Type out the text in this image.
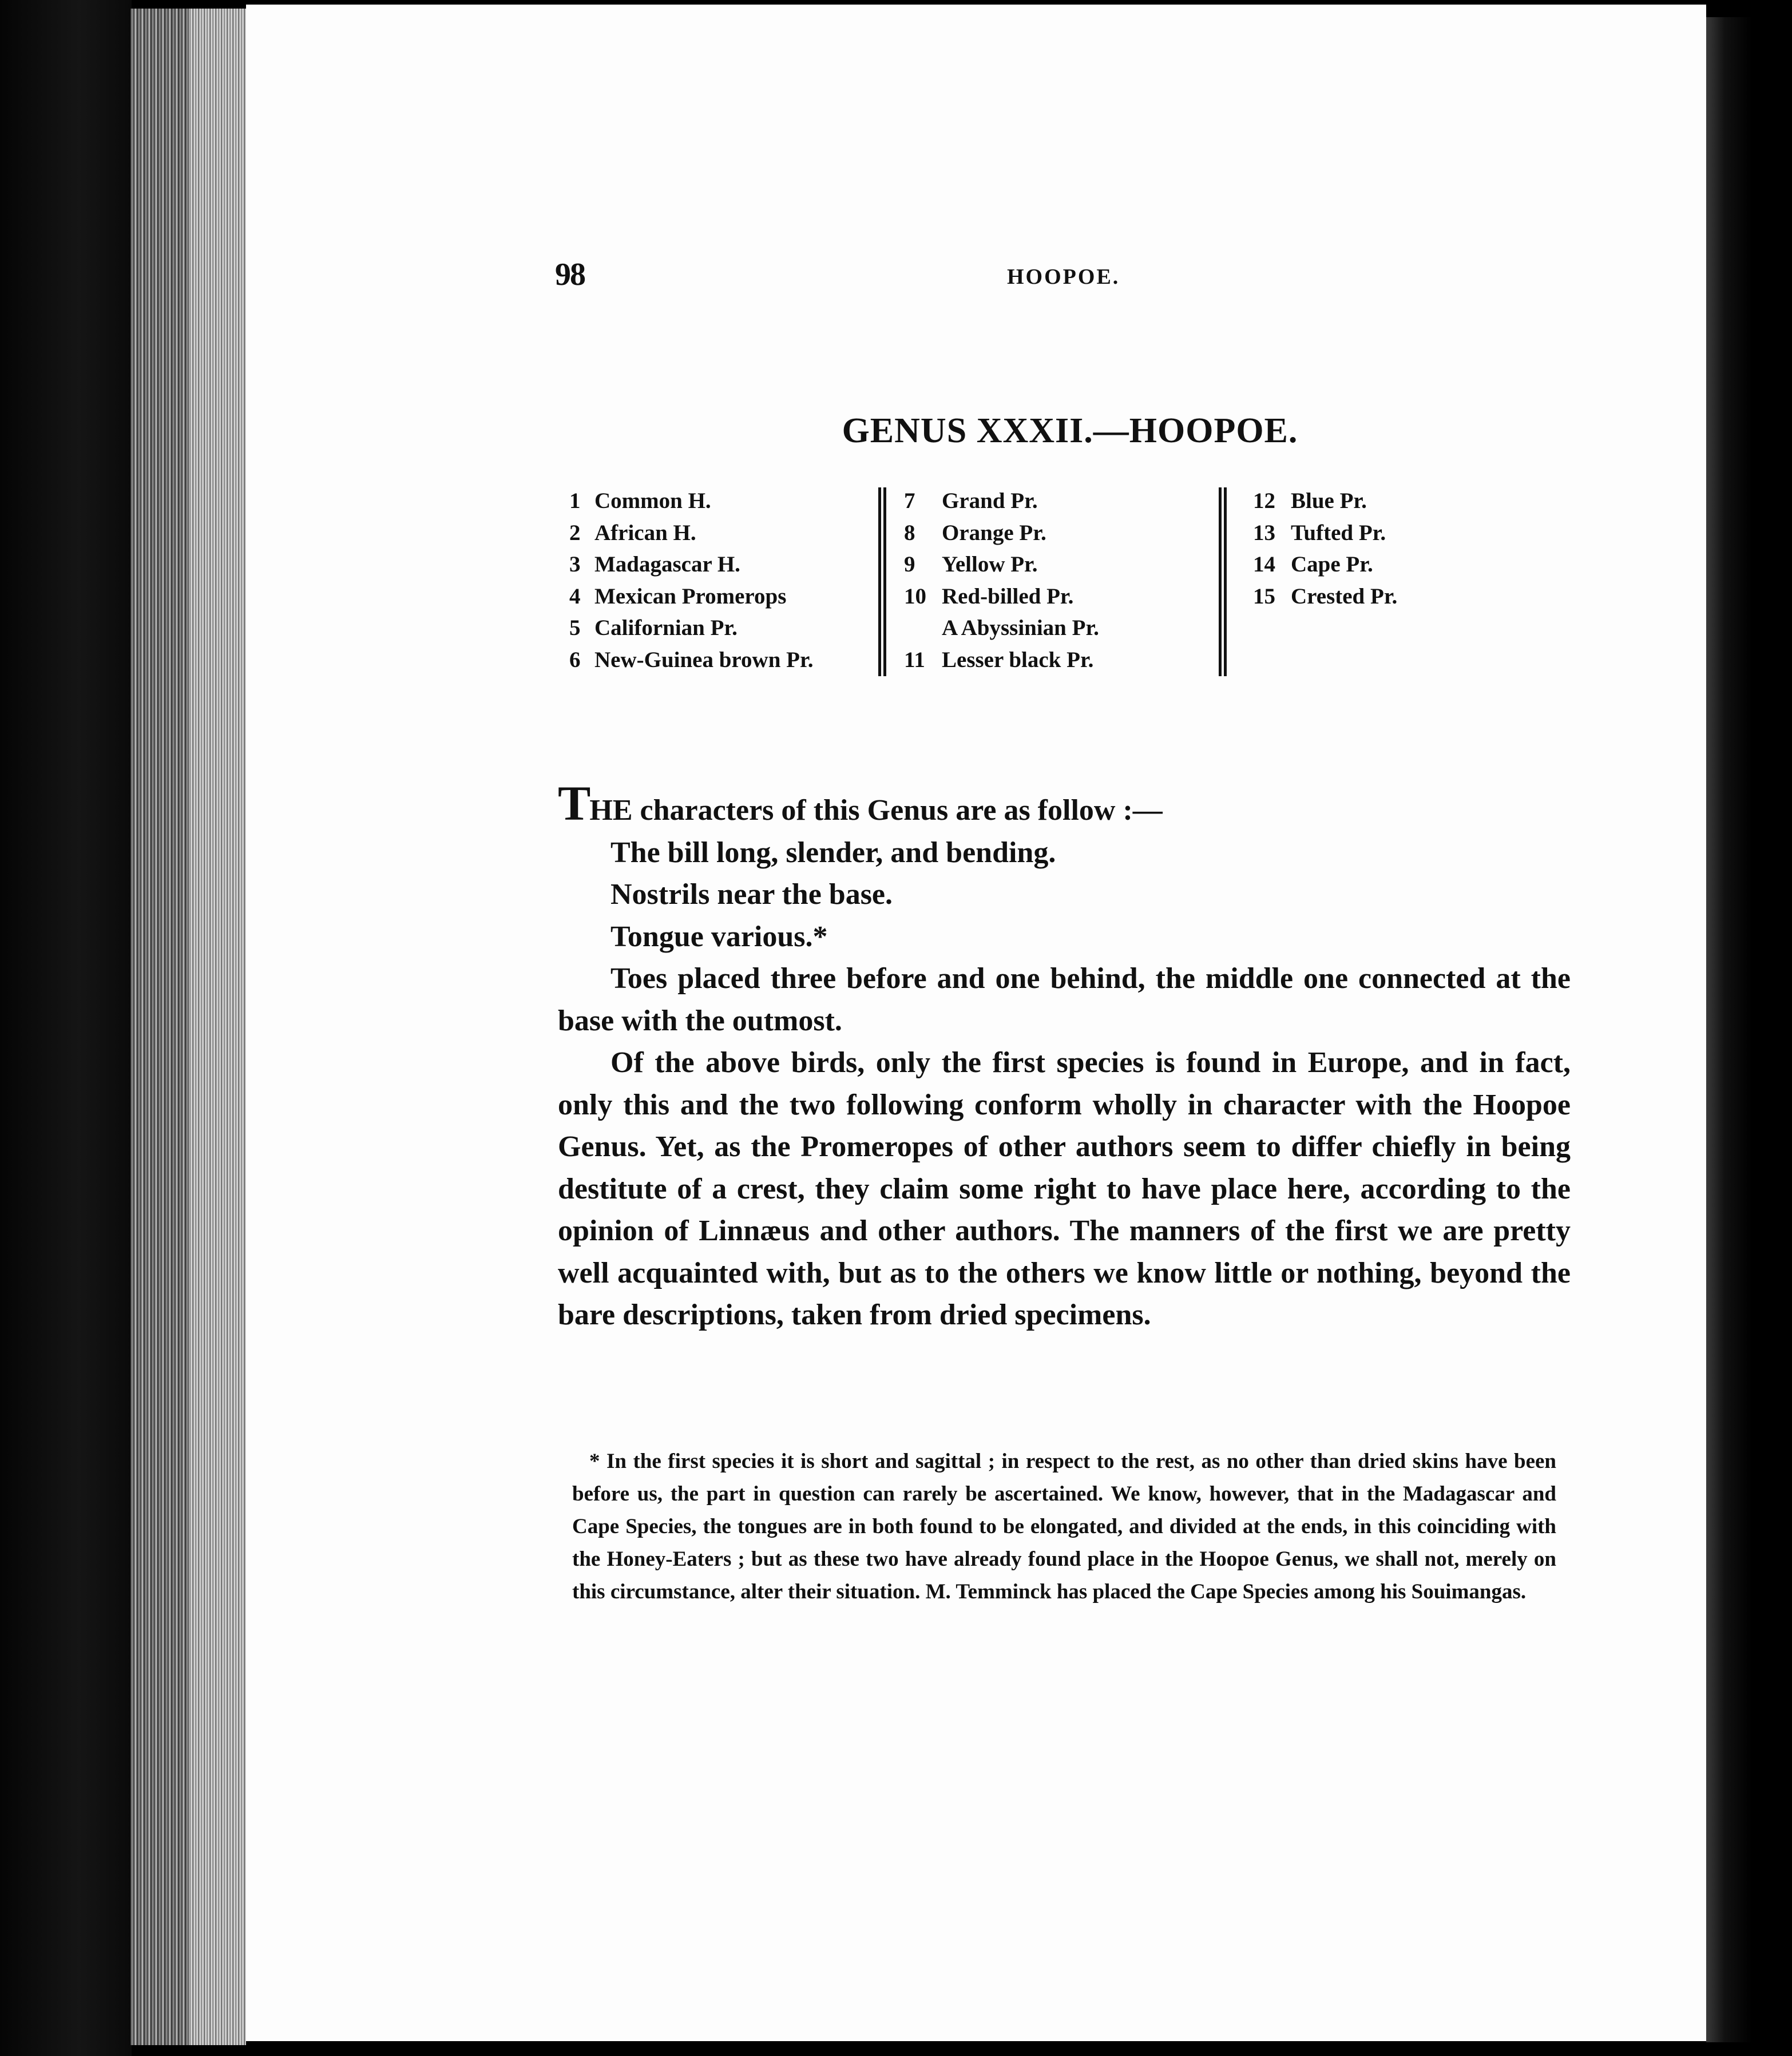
98	HOOPOE.
GENUS XXXII.—HOOPOE.
1 Common H.
2 African H.
3 Madagascar H.
4 Mexican Promerops
5 Californian Pr.
6 New-Guinea brown Pr.
7 Grand Pr.
8 Orange Pr.
9 Yellow Pr.
10 Red-billed Pr.
A Abyssinian Pr.
11 Lesser black Pr.
12 Blue Pr.
13 Tufted Pr.
14 Cape Pr.
15 Crested Pr.

THE characters of this Genus are as follow :—

The bill long, slender, and bending.

Nostrils near the base.

Tongue various.*

Toes placed three before and one behind, the middle one connected at the base with the outmost.

Of the above birds, only the first species is found in Europe, and in fact, only this and the two following conform wholly in character with the Hoopoe Genus. Yet, as the Promeropes of other authors seem to differ chiefly in being destitute of a crest, they claim some right to have place here, according to the opinion of Linnæus and other authors. The manners of the first we are pretty well acquainted with, but as to the others we know little or nothing, beyond the bare descriptions, taken from dried specimens.

* In the first species it is short and sagittal ; in respect to the rest, as no other than dried skins have been before us, the part in question can rarely be ascertained. We know, however, that in the Madagascar and Cape Species, the tongues are in both found to be elongated, and divided at the ends, in this coinciding with the Honey-Eaters ; but as these two have already found place in the Hoopoe Genus, we shall not, merely on this circumstance, alter their situation. M. Temminck has placed the Cape Species among his Souimangas.
